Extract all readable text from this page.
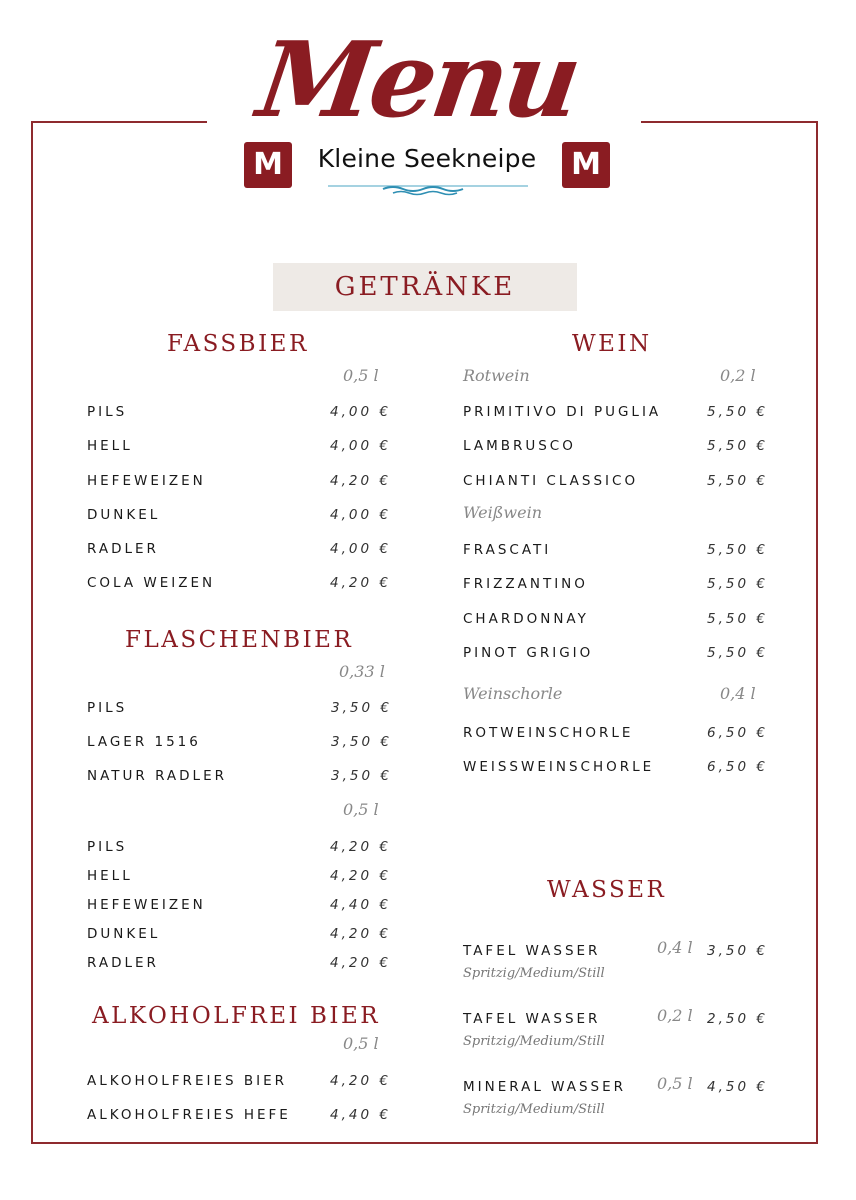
Menu
M	Kleine Seekneipe	M
GETRÄNKE
FASSBIER
0,5 l
PILS	4,00 €
HELL	4,00 €
HEFEWEIZEN	4,20 €
DUNKEL	4,00 €
RADLER	4,00 €
COLA WEIZEN	4,20 €
FLASCHENBIER
0,33 l
PILS	3,50 €
LAGER 1516	3,50 €
NATUR RADLER	3,50 €
0,5 l
PILS	4,20 €
HELL	4,20 €
HEFEWEIZEN	4,40 €
DUNKEL	4,20 €
RADLER	4,20 €
ALKOHOLFREI BIER
0,5 l
ALKOHOLFREIES BIER	4,20 €
ALKOHOLFREIES HEFE	4,40 €
WEIN
Rotwein	0,2 l
PRIMITIVO DI PUGLIA	5,50 €
LAMBRUSCO	5,50 €
CHIANTI CLASSICO	5,50 €
Weißwein
FRASCATI	5,50 €
FRIZZANTINO	5,50 €
CHARDONNAY	5,50 €
PINOT GRIGIO	5,50 €
Weinschorle	0,4 l
ROTWEINSCHORLE	6,50 €
WEISSWEINSCHORLE	6,50 €
WASSER
TAFEL WASSER	0,4 l 3,50 €
Spritzig/Medium/Still
TAFEL WASSER	0,2 l 2,50 €
Spritzig/Medium/Still
MINERAL WASSER 0,5 l 4,50 €
Spritzig/Medium/Still
